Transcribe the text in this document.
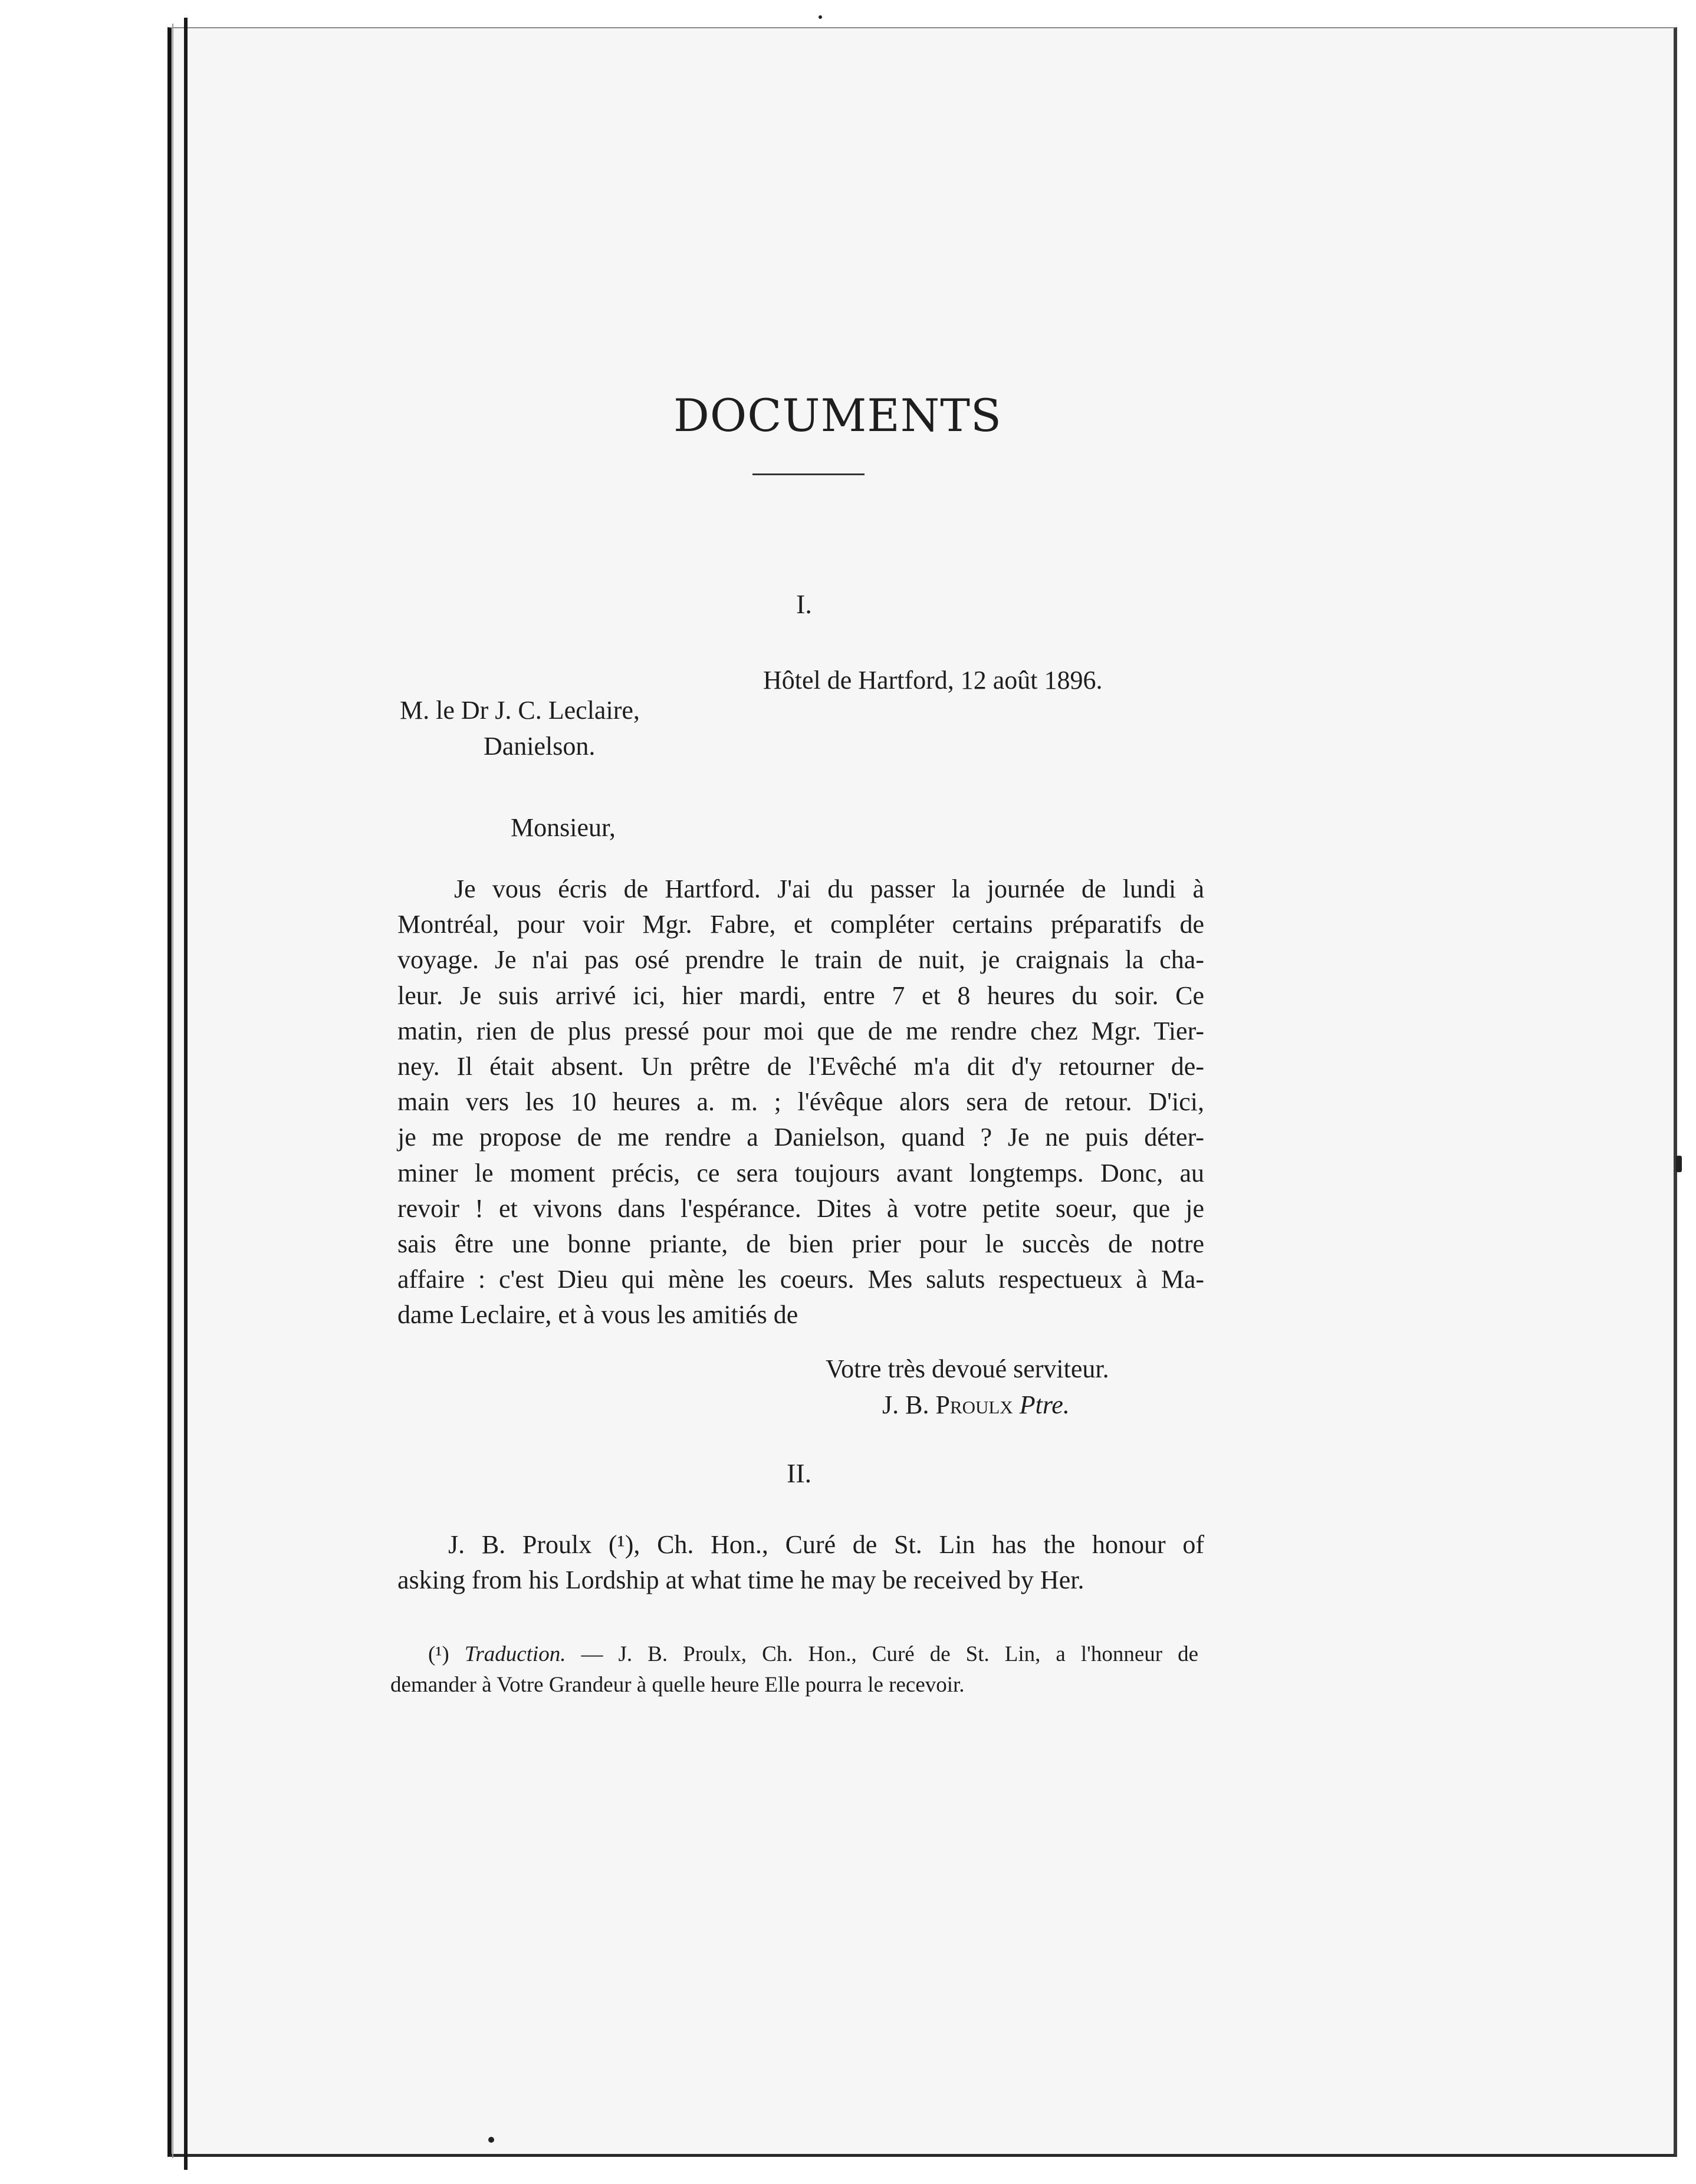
DOCUMENTS

I.

Hôtel de Hartford, 12 août 1896.

M. le Dr J. C. Leclaire,

Danielson.

Monsieur,

Je vous écris de Hartford. J'ai du passer la journée de lundi à
Montréal, pour voir Mgr. Fabre, et compléter certains préparatifs de
voyage. Je n'ai pas osé prendre le train de nuit, je craignais la cha-
leur. Je suis arrivé ici, hier mardi, entre 7 et 8 heures du soir. Ce
matin, rien de plus pressé pour moi que de me rendre chez Mgr. Tier-
ney. Il était absent. Un prêtre de l'Evêché m'a dit d'y retourner de-
main vers les 10 heures a. m. ; l'évêque alors sera de retour. D'ici,
je me propose de me rendre a Danielson, quand ? Je ne puis déter-
miner le moment précis, ce sera toujours avant longtemps. Donc, au
revoir ! et vivons dans l'espérance. Dites à votre petite soeur, que je
sais être une bonne priante, de bien prier pour le succès de notre
affaire : c'est Dieu qui mène les coeurs. Mes saluts respectueux à Ma-
dame Leclaire, et à vous les amitiés de

Votre très devoué serviteur.

J. B. Proulx Ptre.

II.

J. B. Proulx (¹), Ch. Hon., Curé de St. Lin has the honour of
asking from his Lordship at what time he may be received by Her.
(¹) Traduction. — J. B. Proulx, Ch. Hon., Curé de St. Lin, a l'honneur de
demander à Votre Grandeur à quelle heure Elle pourra le recevoir.
